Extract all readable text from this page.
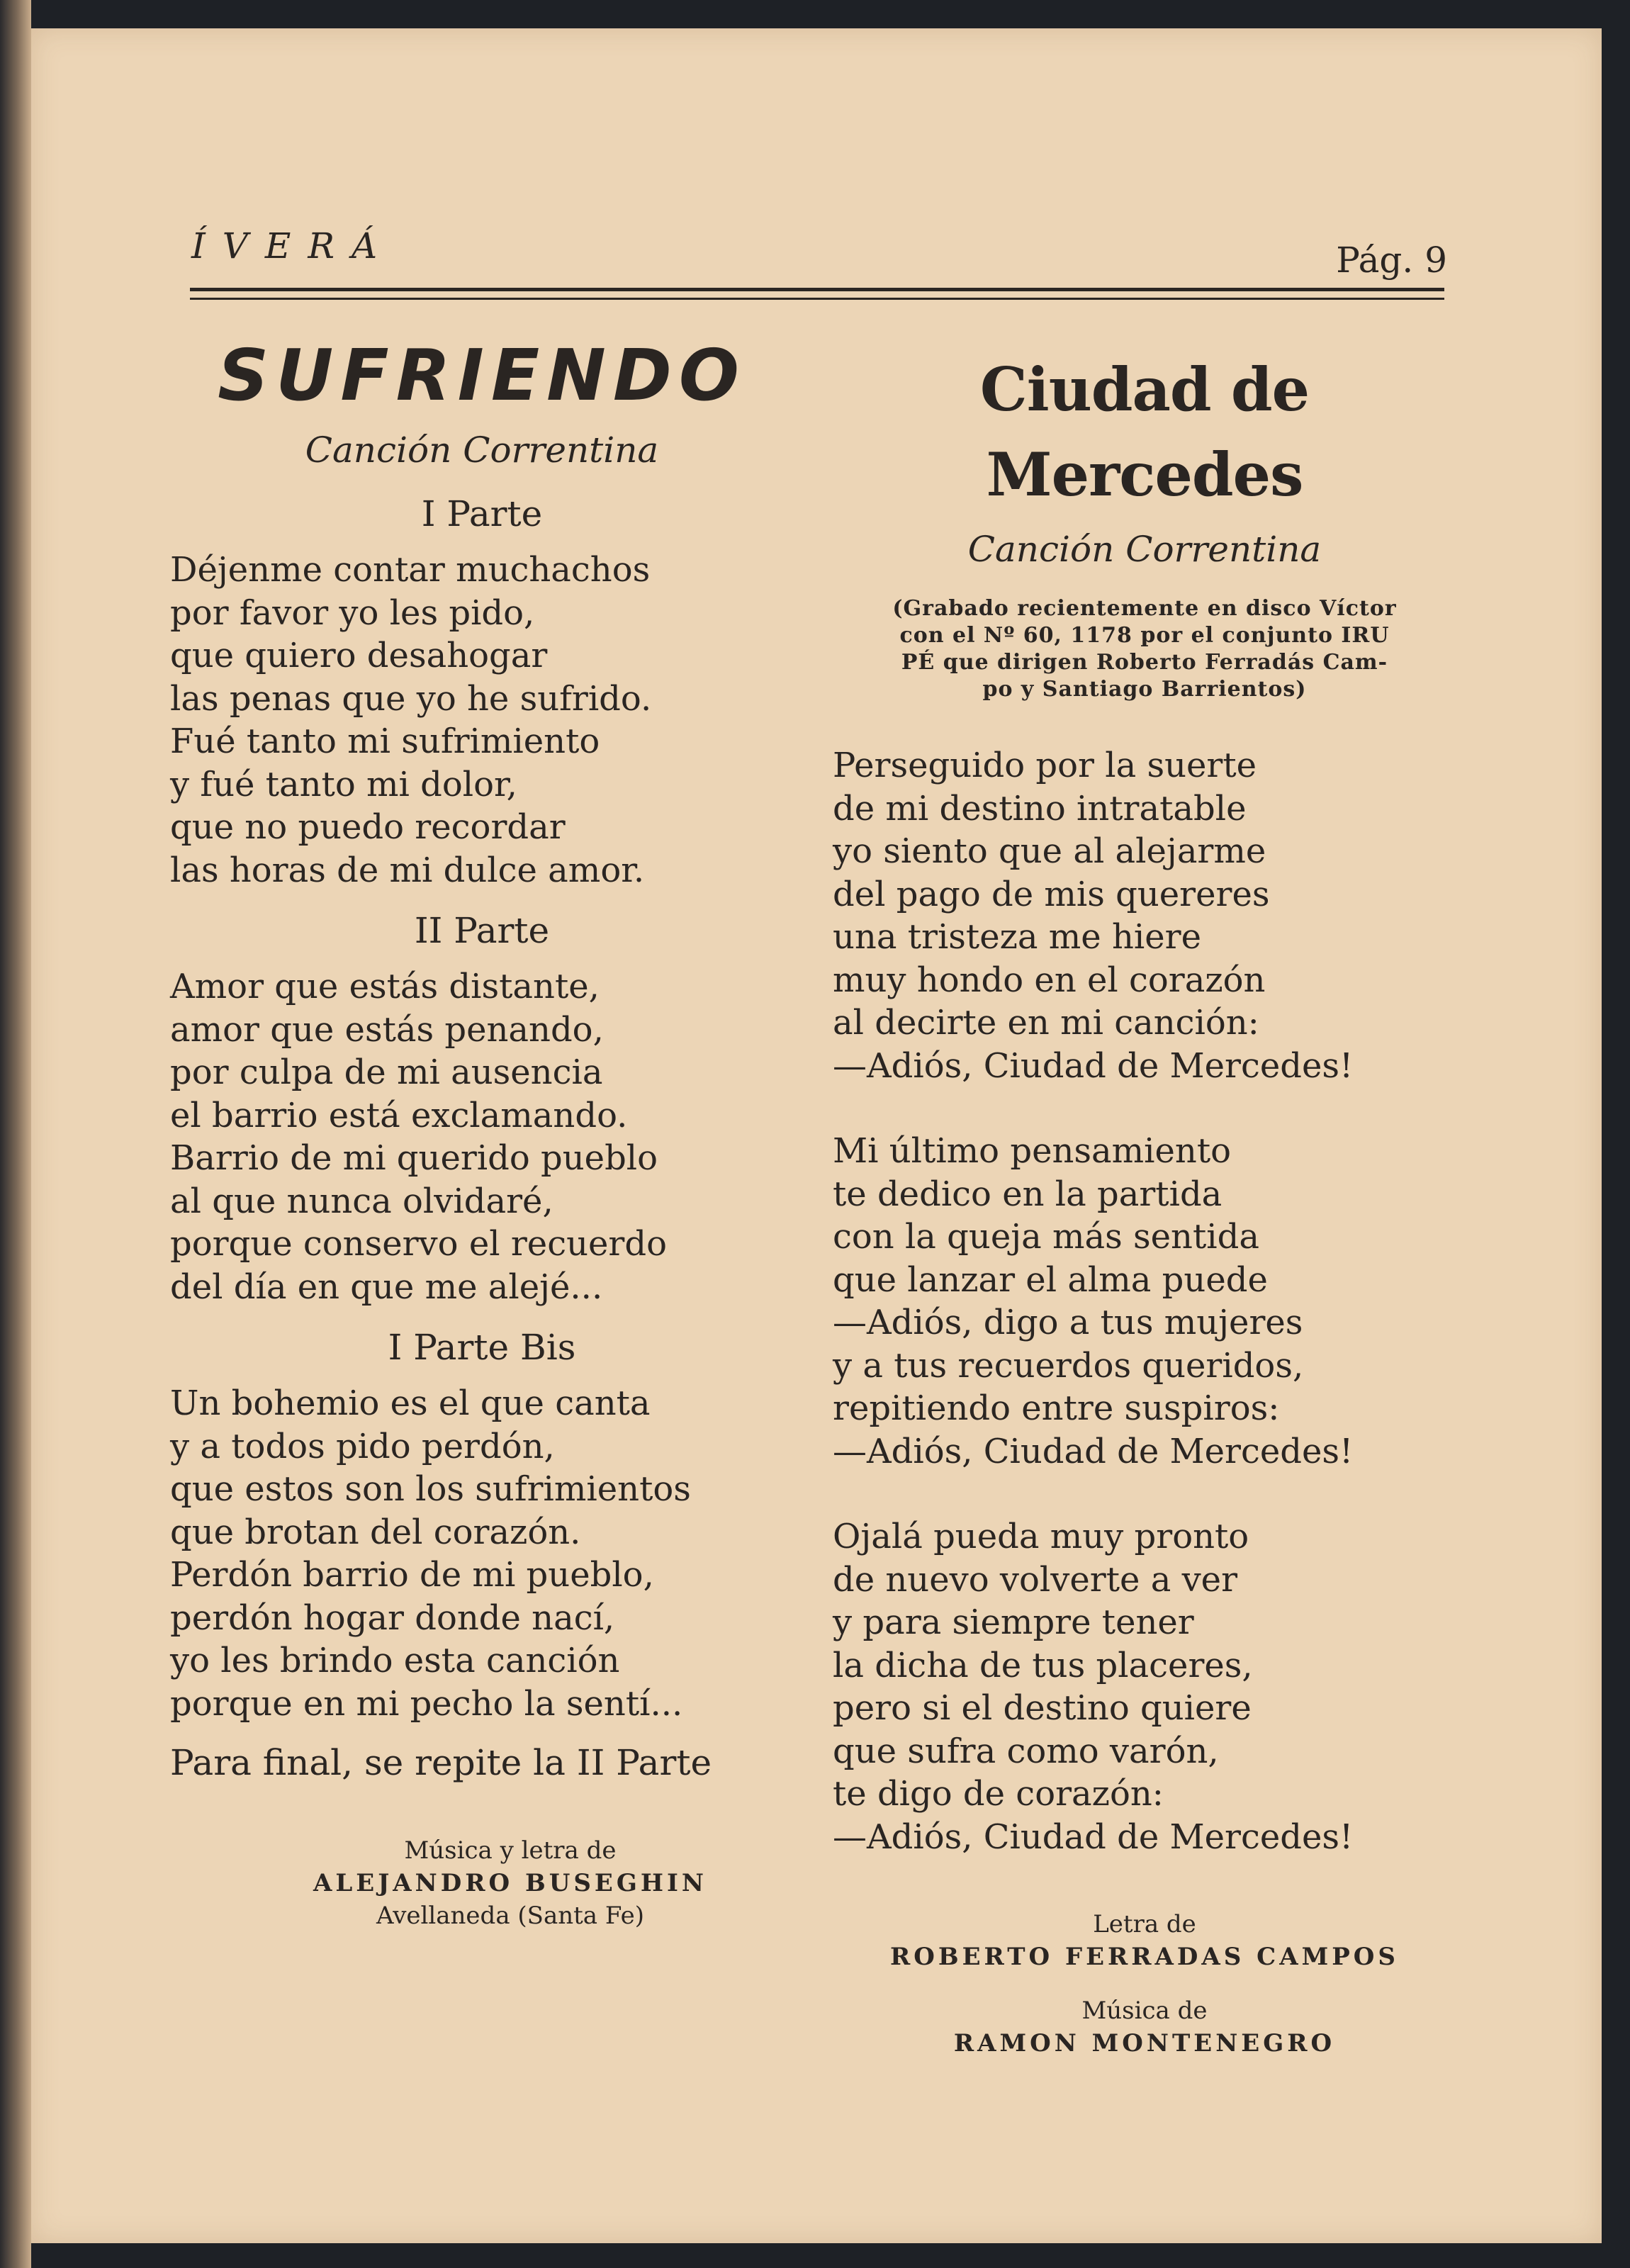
ÍVERÁ	Pág. 9
SUFRIENDO
Canción Correntina
I Parte
Déjenme contar muchachos
por favor yo les pido,
que quiero desahogar
las penas que yo he sufrido.
Fué tanto mi sufrimiento
y fué tanto mi dolor,
que no puedo recordar
las horas de mi dulce amor.
II Parte
Amor que estás distante,
amor que estás penando,
por culpa de mi ausencia
el barrio está exclamando.
Barrio de mi querido pueblo
al que nunca olvidaré,
porque conservo el recuerdo
del día en que me alejé...
I Parte Bis
Un bohemio es el que canta
y a todos pido perdón,
que estos son los sufrimientos
que brotan del corazón.
Perdón barrio de mi pueblo,
perdón hogar donde nací,
yo les brindo esta canción
porque en mi pecho la sentí...
Para final, se repite la II Parte
Música y letra de
ALEJANDRO BUSEGHIN
Avellaneda (Santa Fe)
Ciudad de Mercedes
Canción Correntina
(Grabado recientemente en disco Víctor
con el Nº 60, 1178 por el conjunto IRU
PÉ que dirigen Roberto Ferradás Cam-
po y Santiago Barrientos)
Perseguido por la suerte
de mi destino intratable
yo siento que al alejarme
del pago de mis quereres
una tristeza me hiere
muy hondo en el corazón
al decirte en mi canción:
—Adiós, Ciudad de Mercedes!
Mi último pensamiento
te dedico en la partida
con la queja más sentida
que lanzar el alma puede
—Adiós, digo a tus mujeres
y a tus recuerdos queridos,
repitiendo entre suspiros:
—Adiós, Ciudad de Mercedes!
Ojalá pueda muy pronto
de nuevo volverte a ver
y para siempre tener
la dicha de tus placeres,
pero si el destino quiere
que sufra como varón,
te digo de corazón:
—Adiós, Ciudad de Mercedes!
Letra de
ROBERTO FERRADAS CAMPOS
Música de
RAMON MONTENEGRO
